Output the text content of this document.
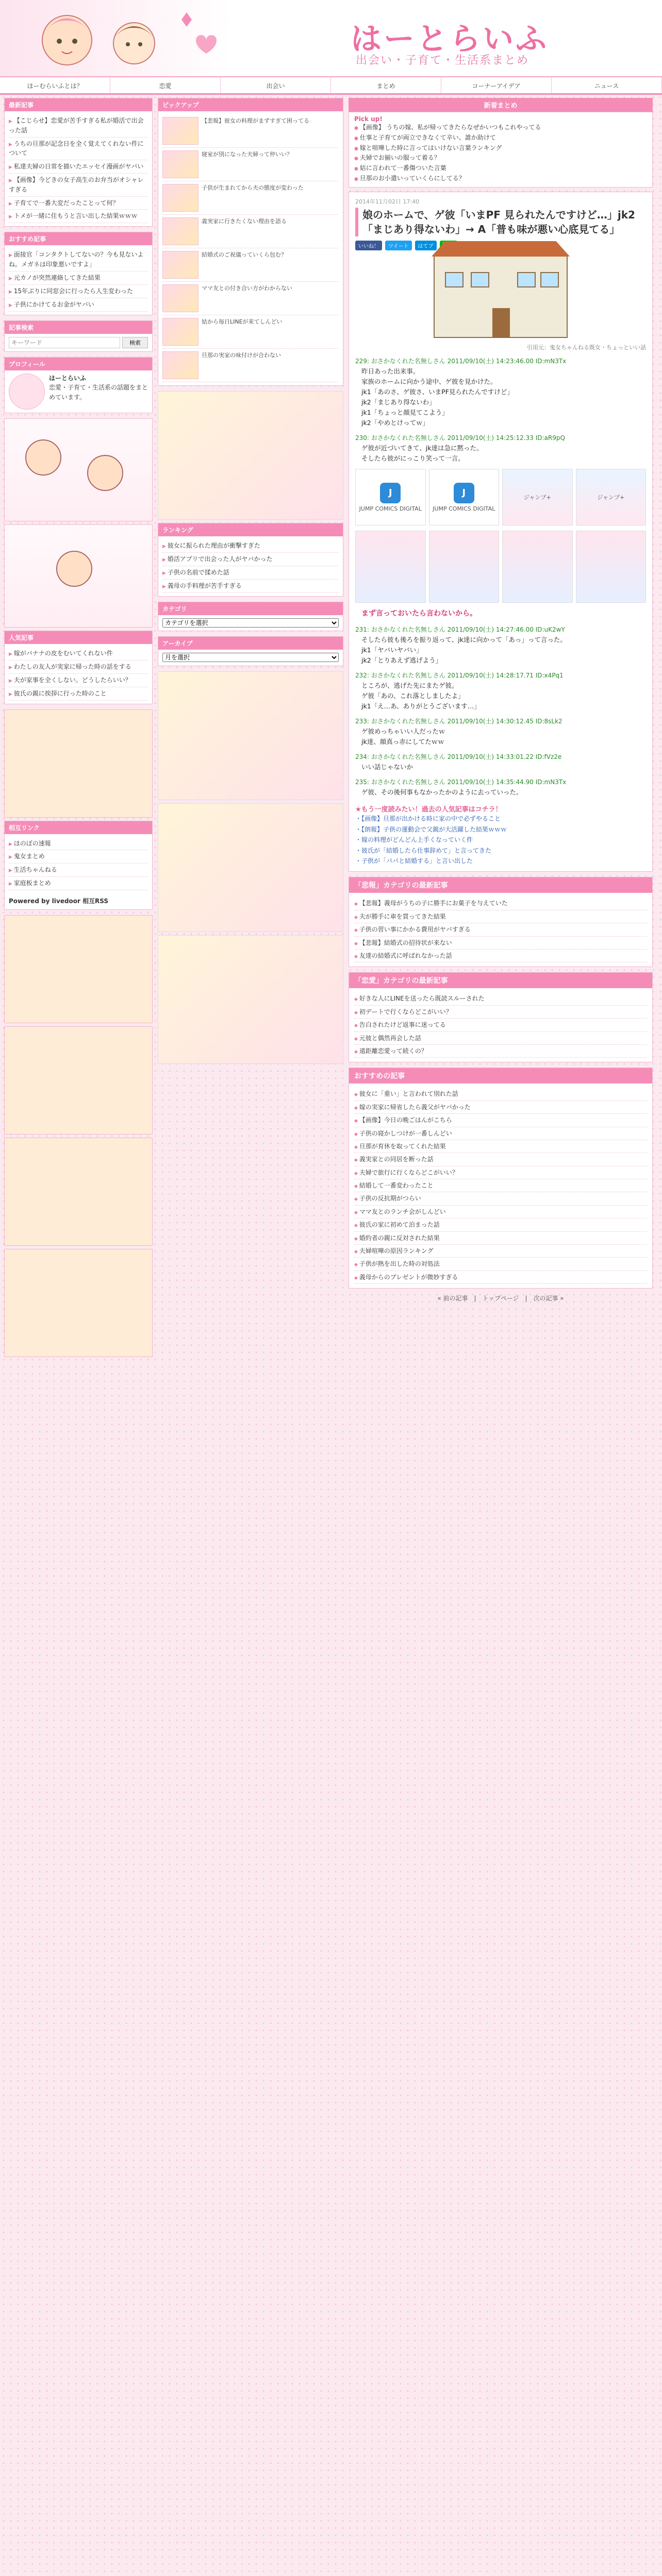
はーとらいふ
出会い・子育て・生活系まとめ
ほーむらいふとは？	恋愛	出会い	まとめ	コーナーアイデア	ニュース
最新記事
▶ 【こじらせ】恋愛が苦手すぎる私が婚活で出会った話
▶ うちの旦那が記念日を全く覚えてくれない件について
▶ 私達夫婦の日常を描いたエッセイ漫画がヤバい
▶ 【画像】今どきの女子高生のお弁当がオシャレすぎる
▶ 子育てで一番大変だったことって何？
▶ トメが一緒に住もうと言い出した結果ｗｗｗ
おすすめ記事
▶ 面接官「コンタクトしてないの？今も見ないよね。メガネは印象悪いですよ」
▶ 元カノが突然連絡してきた結果
▶ 15年ぶりに同窓会に行ったら人生変わった
▶ 子供にかけてるお金がヤバい
記事検索
キーワード
検索
プロフィール
はーとらいふ
恋愛・子育て・生活系の話題をまとめています。
人気記事
▶ 嫁がバナナの皮をむいてくれない件
▶ わたしの友人が実家に帰った時の話をする
▶ 夫が家事を全くしない。どうしたらいい？
▶ 彼氏の親に挨拶に行った時のこと
相互リンク
▶ ほのぼの速報
▶ 鬼女まとめ
▶ 生活ちゃんねる
▶ 家庭板まとめ
Powered by livedoor 相互RSS
ピックアップ
【悲報】彼女の料理がまずすぎて困ってる
寝室が別になった夫婦って仲いい？
子供が生まれてから夫の態度が変わった
義実家に行きたくない理由を語る
結婚式のご祝儀っていくら包む？
ママ友との付き合い方がわからない
姑から毎日LINEが来てしんどい
旦那の実家の味付けが合わない
ランキング
▶ 彼女に振られた理由が衝撃すぎた
▶ 婚活アプリで出会った人がヤバかった
▶ 子供の名前で揉めた話
▶ 義母の手料理が苦手すぎる
カテゴリ
カテゴリを選択
アーカイブ
月を選択
新着まとめ
Pick up!
● 【画像】 うちの嫁、私が帰ってきたらなぜかいつもこれやってる
● 仕事と子育てが両立できなくて辛い、誰か助けて
● 嫁と喧嘩した時に言ってはいけない言葉ランキング
● 夫婦でお揃いの服って着る？
● 姑に言われて一番傷ついた言葉
● 旦那のお小遣いっていくらにしてる？
2014年11月02日 17:40
娘のホームで、ゲ彼「いまPF 見られたんですけど…」jk2「まじあり得ないわ」→ A「普も味が悪い心底見てる」
いいね！	ツイート	はてブ
引用元：鬼女ちゃんねる既女・ちょっといい話
229: おさかなくれた名無しさん 2011/09/10(土) 14:23:46.00 ID:mN3Tx
昨日あった出来事。
家族のホームに向かう途中、ゲ彼を見かけた。
jk1「あのさ、ゲ彼さ、いまPF見られたんですけど」
jk2「まじあり得ないわ」
jk1「ちょっと顔見てこよう」
jk2「やめとけってｗ」
230: おさかなくれた名無しさん 2011/09/10(土) 14:25:12.33 ID:aR9pQ
ゲ彼が近づいてきて、jk達は急に黙った。
そしたら彼がにっこり笑って一言。
J
JUMP COMICS DIGITAL
J
JUMP COMICS DIGITAL
ジャンプ+	ジャンプ+
まず言っておいたら言わないから。
231: おさかなくれた名無しさん 2011/09/10(土) 14:27:46.00 ID:uK2wY
そしたら彼も後ろを振り返って、jk達に向かって「あっ」って言った。
jk1「ヤバいヤバい」
jk2「とりあえず逃げよう」
232: おさかなくれた名無しさん 2011/09/10(土) 14:28:17.71 ID:x4Pq1
ところが、逃げた先にまたゲ彼。
ゲ彼「あの、これ落としましたよ」
jk1「え…あ、ありがとうございます…」
233: おさかなくれた名無しさん 2011/09/10(土) 14:30:12.45 ID:8sLk2
ゲ彼めっちゃいい人だったｗ
jk達、顔真っ赤にしてたｗｗ
234: おさかなくれた名無しさん 2011/09/10(土) 14:33:01.22 ID:fVz2e
いい話じゃないか
235: おさかなくれた名無しさん 2011/09/10(土) 14:35:44.90 ID:mN3Tx
ゲ彼、その後何事もなかったかのように去っていった。
★もう一度読みたい！過去の人気記事はコチラ！
・ 【画像】旦那が出かける時に家の中で必ずやること
・ 【朗報】子供の運動会で父親が大活躍した結果ｗｗｗ
・ 嫁の料理がどんどん上手くなっていく件
・ 彼氏が「結婚したら仕事辞めて」と言ってきた
・ 子供が「パパと結婚する」と言い出した
「悲報」カテゴリの最新記事
◆ 【悲報】義母がうちの子に勝手にお菓子を与えていた
◆ 夫が勝手に車を買ってきた結果
◆ 子供の習い事にかかる費用がヤバすぎる
◆ 【悲報】結婚式の招待状が来ない
◆ 友達の結婚式に呼ばれなかった話
「恋愛」カテゴリの最新記事
◆ 好きな人にLINEを送ったら既読スルーされた
◆ 初デートで行くならどこがいい？
◆ 告白されたけど返事に迷ってる
◆ 元彼と偶然再会した話
◆ 遠距離恋愛って続くの？
おすすめの記事
◆ 彼女に「重い」と言われて別れた話
◆ 嫁の実家に帰省したら義父がヤバかった
◆ 【画像】今日の晩ごはんがこちら
◆ 子供の寝かしつけが一番しんどい
◆ 旦那が育休を取ってくれた結果
◆ 義実家との同居を断った話
◆ 夫婦で旅行に行くならどこがいい？
◆ 結婚して一番変わったこと
◆ 子供の反抗期がつらい
◆ ママ友とのランチ会がしんどい
◆ 彼氏の家に初めて泊まった話
◆ 婚約者の親に反対された結果
◆ 夫婦喧嘩の原因ランキング
◆ 子供が熱を出した時の対処法
◆ 義母からのプレゼントが微妙すぎる
« 前の記事　|　トップページ　|　次の記事 »
